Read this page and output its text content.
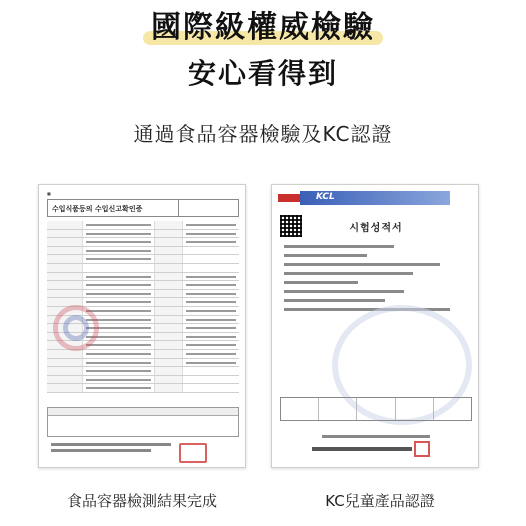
國際級權威檢驗
安心看得到
通過食品容器檢驗及KC認證
■
수입식품등의 수입신고확인증
KCL
시험성적서
食品容器檢測結果完成	KC兒童產品認證
